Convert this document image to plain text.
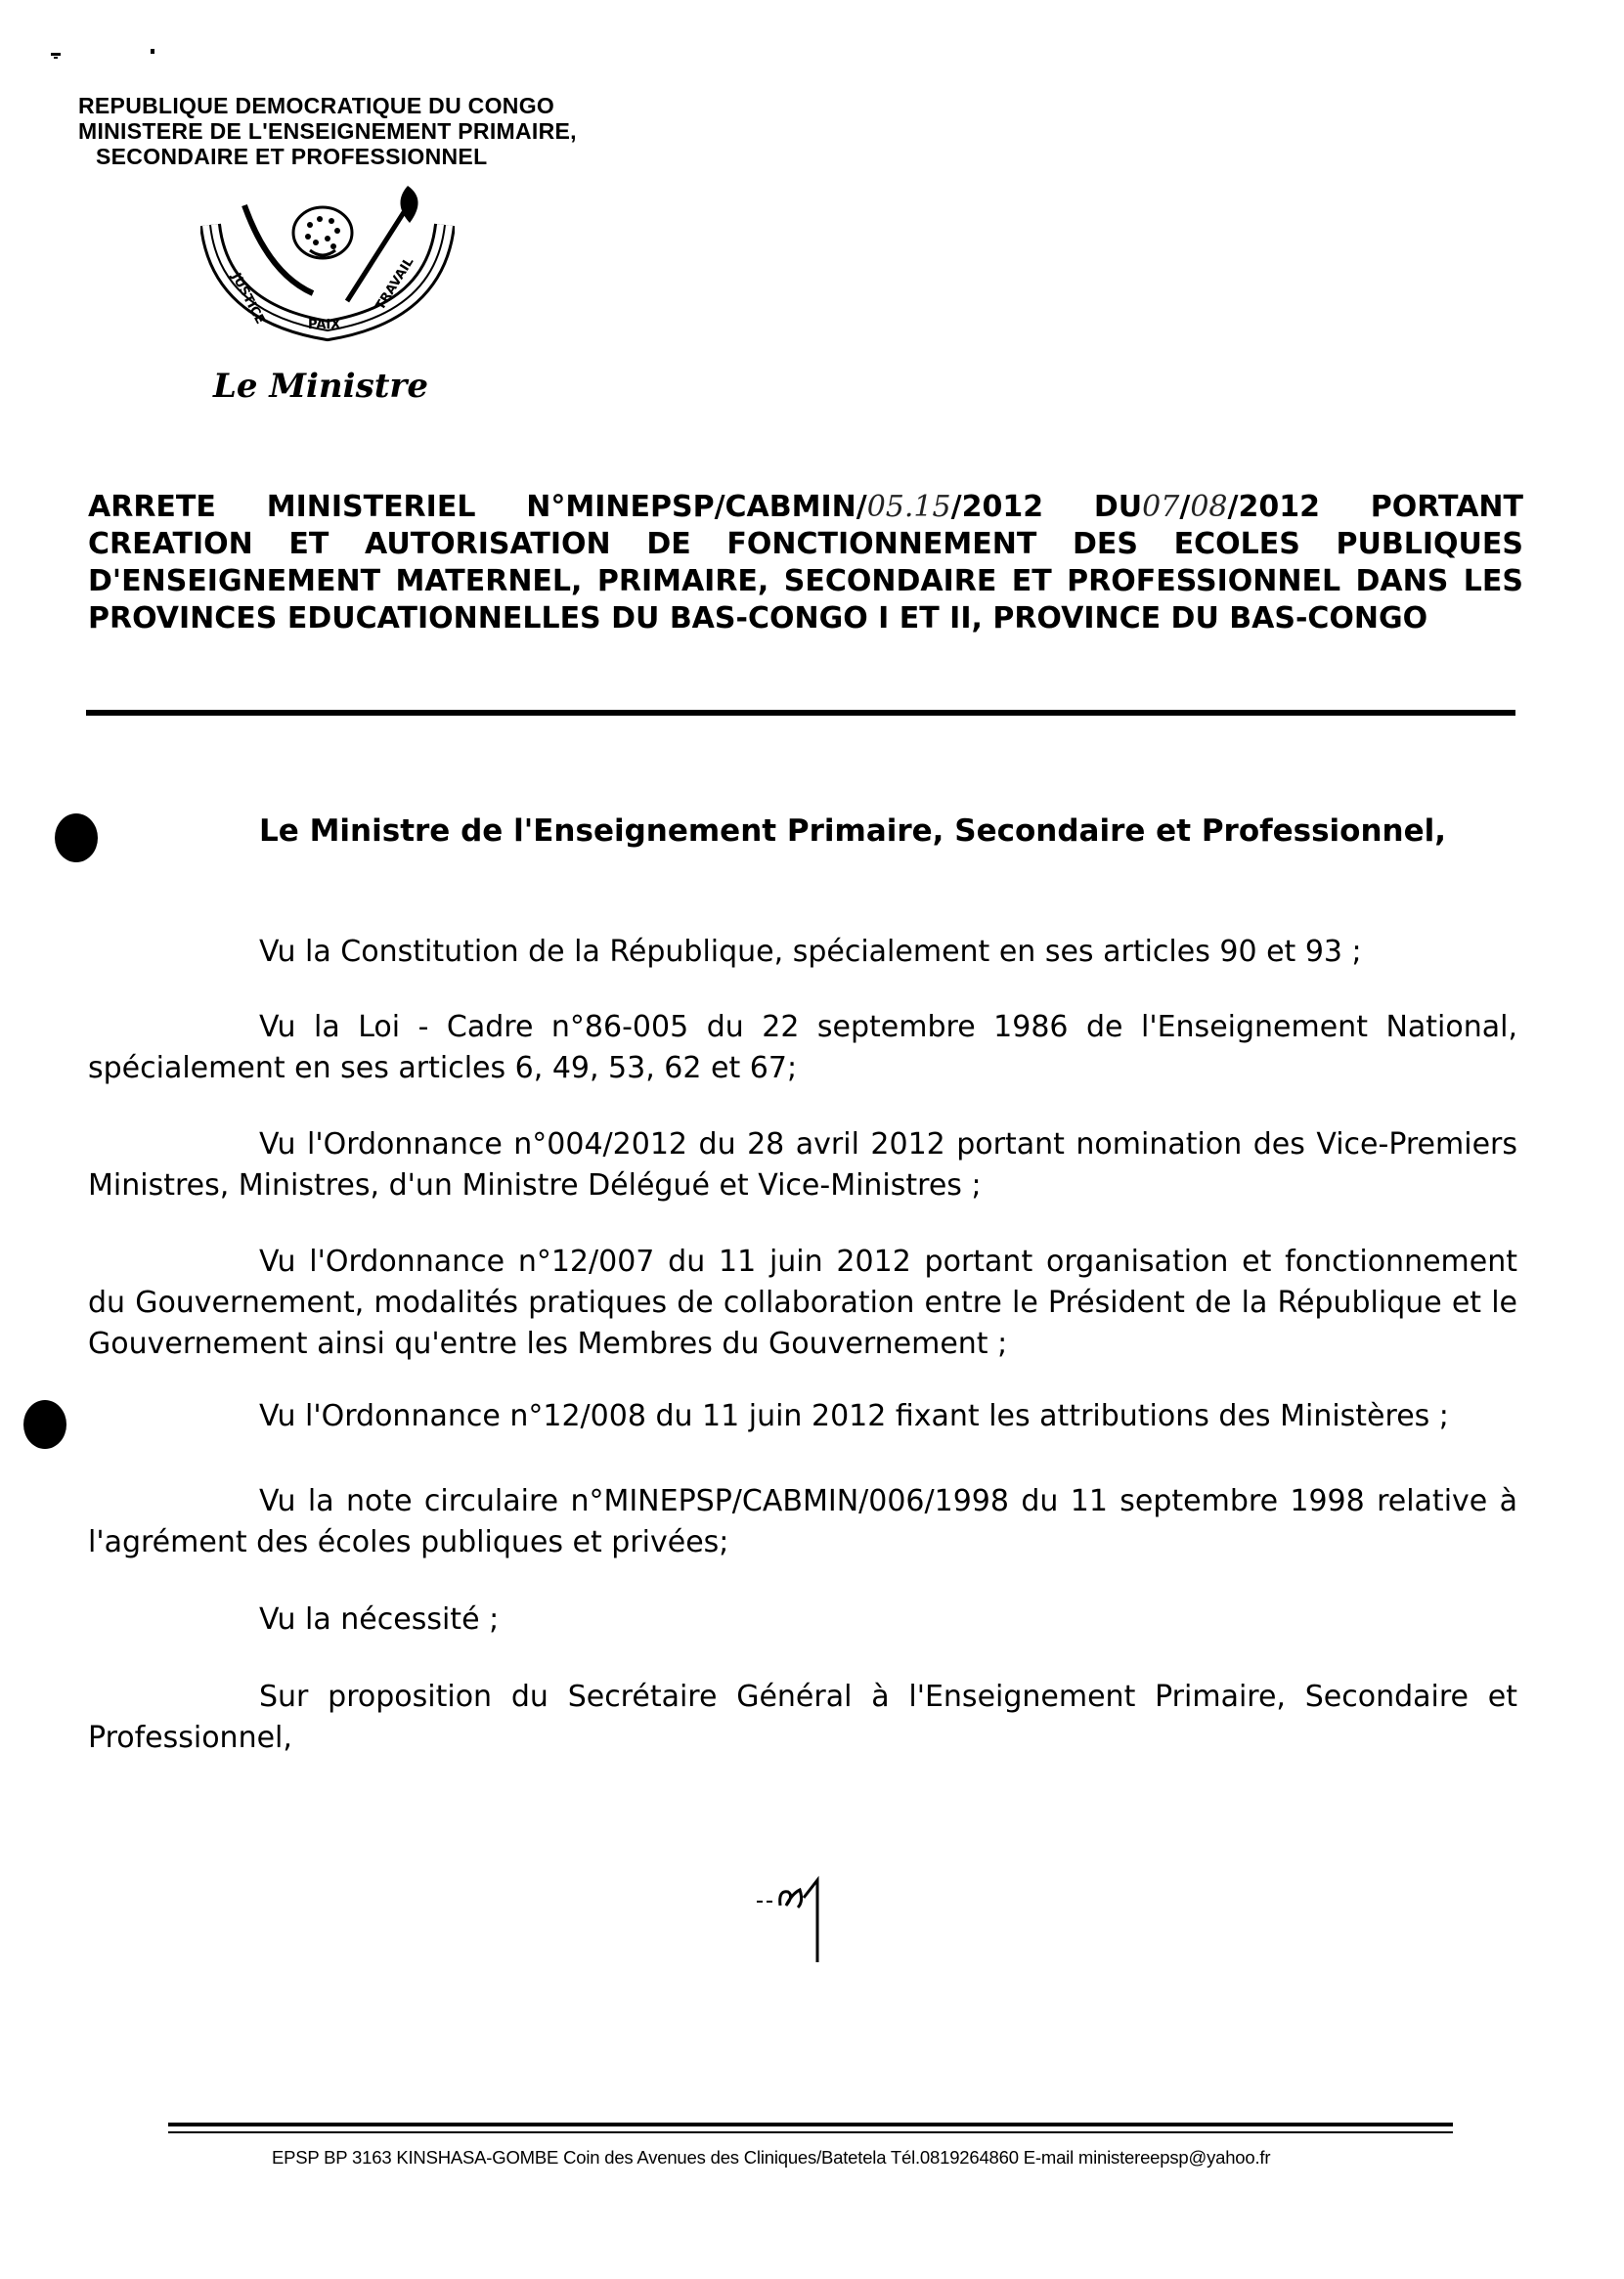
REPUBLIQUE DEMOCRATIQUE DU CONGO
MINISTERE DE L'ENSEIGNEMENT PRIMAIRE,
SECONDAIRE ET PROFESSIONNEL
JUSTICE	PAIX
TRAVAIL
Le Ministre
ARRETE MINISTERIEL N°MINEPSP/CABMIN/05.15/2012 DU07/08/2012 PORTANT CREATION ET AUTORISATION DE FONCTIONNEMENT DES ECOLES PUBLIQUES D'ENSEIGNEMENT MATERNEL, PRIMAIRE, SECONDAIRE ET PROFESSIONNEL DANS LES PROVINCES EDUCATIONNELLES DU BAS-CONGO I ET II, PROVINCE DU BAS-CONGO
Le Ministre de l'Enseignement Primaire, Secondaire et Professionnel,
Vu la Constitution de la République, spécialement en ses articles 90 et 93 ;
Vu la Loi - Cadre n°86-005 du 22 septembre 1986 de l'Enseignement National, spécialement en ses articles 6, 49, 53, 62 et 67;
Vu l'Ordonnance n°004/2012 du 28 avril 2012 portant nomination des Vice-Premiers Ministres, Ministres, d'un Ministre Délégué et Vice-Ministres ;
Vu l'Ordonnance n°12/007 du 11 juin 2012 portant organisation et fonctionnement du Gouvernement, modalités pratiques de collaboration entre le Président de la République et le Gouvernement ainsi qu'entre les Membres du Gouvernement ;
Vu l'Ordonnance n°12/008 du 11 juin 2012 fixant les attributions des Ministères ;
Vu la note circulaire n°MINEPSP/CABMIN/006/1998 du 11 septembre 1998 relative à l'agrément des écoles publiques et privées;
Vu la nécessité ;
Sur proposition du Secrétaire Général à l'Enseignement Primaire, Secondaire et Professionnel,
EPSP BP 3163 KINSHASA-GOMBE Coin des Avenues des Cliniques/Batetela Tél.0819264860 E-mail ministereepsp@yahoo.fr
